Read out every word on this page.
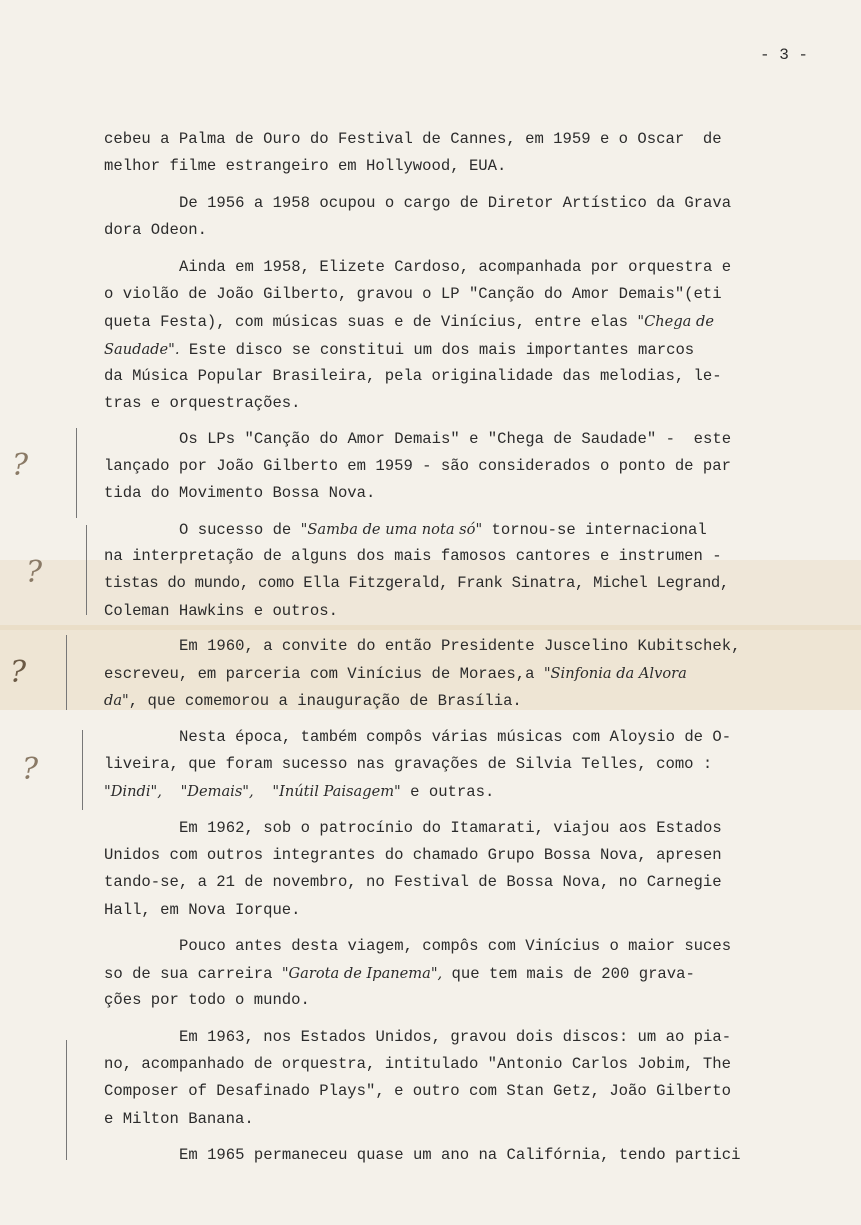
- 3 -
?
?
?
?
cebeu a Palma de Ouro do Festival de Cannes, em 1959 e o Oscar  de
melhor filme estrangeiro em Hollywood, EUA.
De 1956 a 1958 ocupou o cargo de Diretor Artístico da Grava
dora Odeon.
Ainda em 1958, Elizete Cardoso, acompanhada por orquestra e
o violão de João Gilberto, gravou o LP "Canção do Amor Demais"(eti
queta Festa), com músicas suas e de Vinícius, entre elas "Chega de
Saudade". Este disco se constitui um dos mais importantes marcos
da Música Popular Brasileira, pela originalidade das melodias, le-
tras e orquestrações.
Os LPs "Canção do Amor Demais" e "Chega de Saudade" -  este
lançado por João Gilberto em 1959 - são considerados o ponto de par
tida do Movimento Bossa Nova.
O sucesso de "Samba de uma nota só" tornou-se internacional
na interpretação de alguns dos mais famosos cantores e instrumen -
tistas do mundo, como Ella Fitzgerald, Frank Sinatra, Michel Legrand,
Coleman Hawkins e outros.
Em 1960, a convite do então Presidente Juscelino Kubitschek,
escreveu, em parceria com Vinícius de Moraes,a "Sinfonia da Alvora
da", que comemorou a inauguração de Brasília.
Nesta época, também compôs várias músicas com Aloysio de O-
liveira, que foram sucesso nas gravações de Silvia Telles, como :
"Dindi", "Demais", "Inútil Paisagem" e outras.
Em 1962, sob o patrocínio do Itamarati, viajou aos Estados
Unidos com outros integrantes do chamado Grupo Bossa Nova, apresen
tando-se, a 21 de novembro, no Festival de Bossa Nova, no Carnegie
Hall, em Nova Iorque.
Pouco antes desta viagem, compôs com Vinícius o maior suces
so de sua carreira "Garota de Ipanema", que tem mais de 200 grava-
ções por todo o mundo.
Em 1963, nos Estados Unidos, gravou dois discos: um ao pia-
no, acompanhado de orquestra, intitulado "Antonio Carlos Jobim, The
Composer of Desafinado Plays", e outro com Stan Getz, João Gilberto
e Milton Banana.
Em 1965 permaneceu quase um ano na Califórnia, tendo partici
